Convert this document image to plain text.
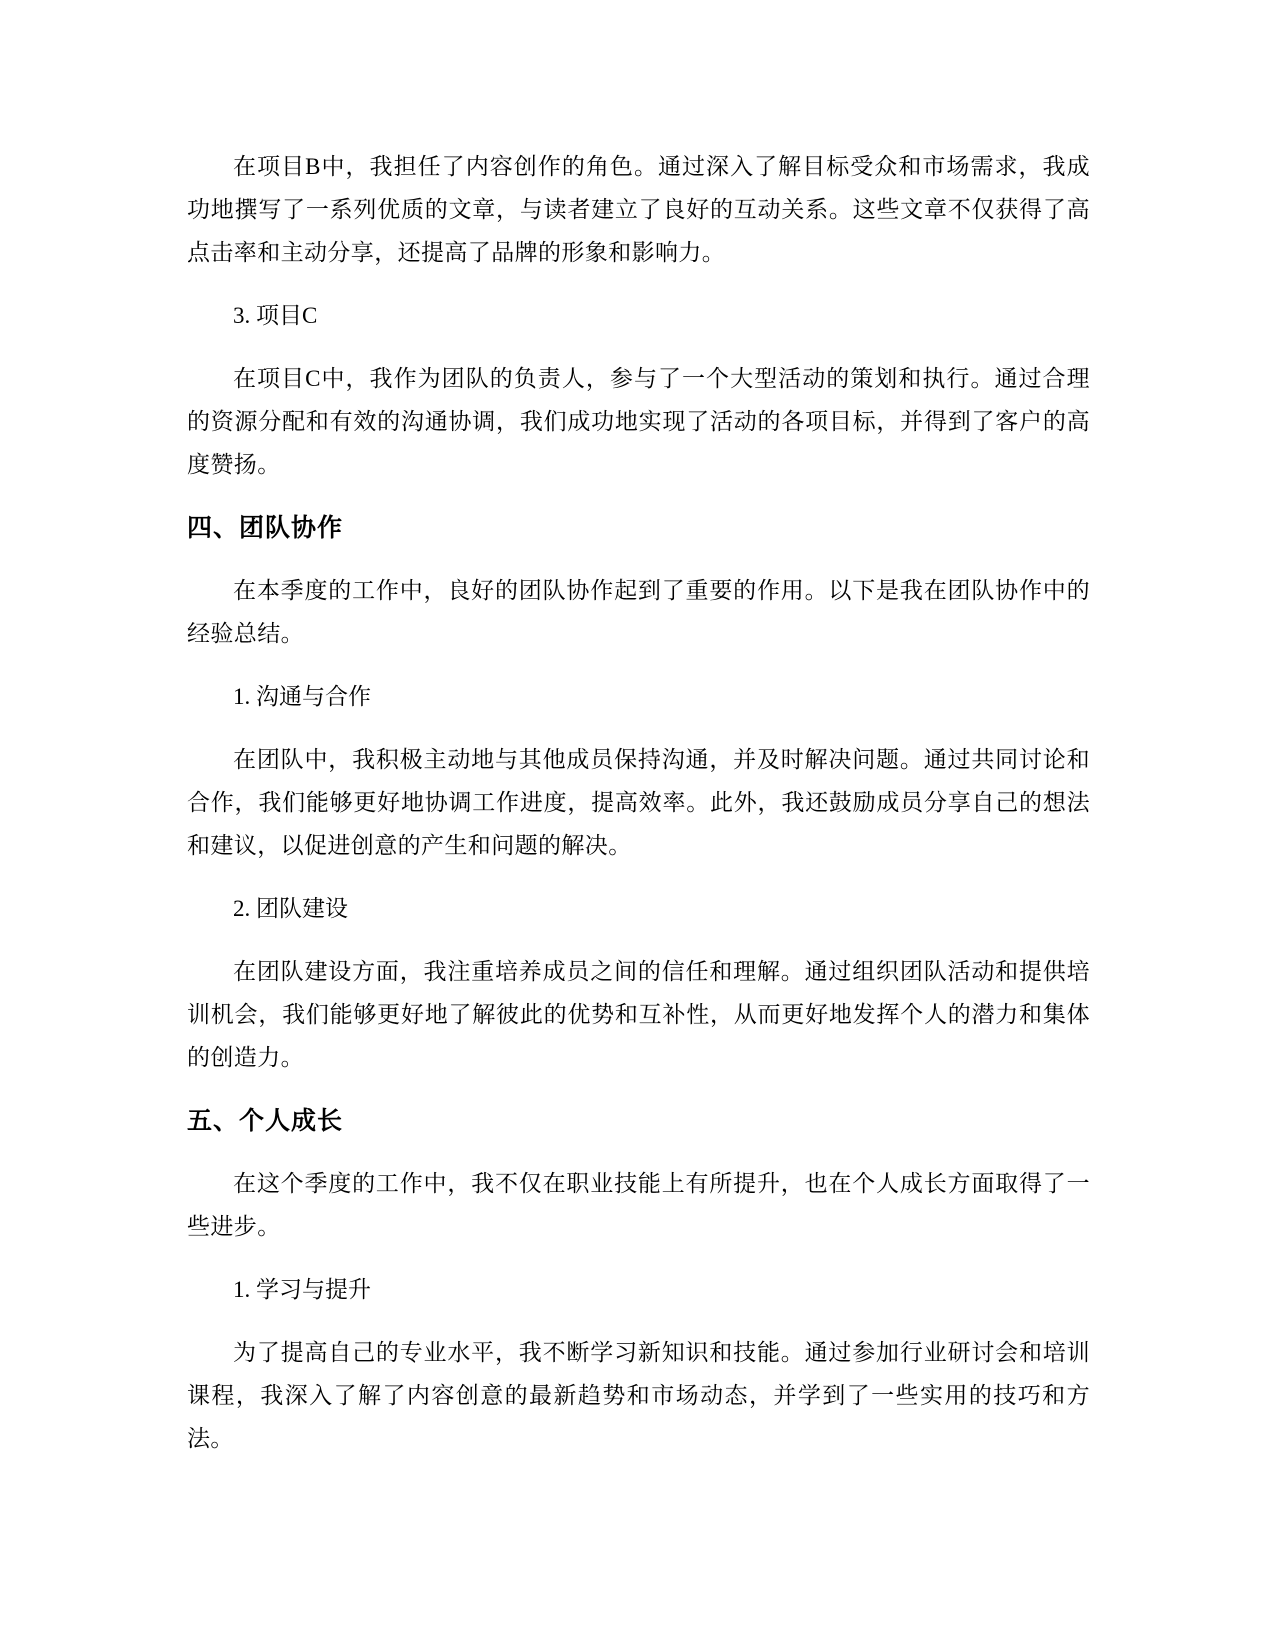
在项目B中，我担任了内容创作的角色。通过深入了解目标受众和市场需求，我成功地撰写了一系列优质的文章，与读者建立了良好的互动关系。这些文章不仅获得了高点击率和主动分享，还提高了品牌的形象和影响力。

3. 项目C

在项目C中，我作为团队的负责人，参与了一个大型活动的策划和执行。通过合理的资源分配和有效的沟通协调，我们成功地实现了活动的各项目标，并得到了客户的高度赞扬。

四、团队协作

在本季度的工作中，良好的团队协作起到了重要的作用。以下是我在团队协作中的经验总结。

1. 沟通与合作

在团队中，我积极主动地与其他成员保持沟通，并及时解决问题。通过共同讨论和合作，我们能够更好地协调工作进度，提高效率。此外，我还鼓励成员分享自己的想法和建议，以促进创意的产生和问题的解决。

2. 团队建设

在团队建设方面，我注重培养成员之间的信任和理解。通过组织团队活动和提供培训机会，我们能够更好地了解彼此的优势和互补性，从而更好地发挥个人的潜力和集体的创造力。

五、个人成长

在这个季度的工作中，我不仅在职业技能上有所提升，也在个人成长方面取得了一些进步。

1. 学习与提升

为了提高自己的专业水平，我不断学习新知识和技能。通过参加行业研讨会和培训课程，我深入了解了内容创意的最新趋势和市场动态，并学到了一些实用的技巧和方法。
